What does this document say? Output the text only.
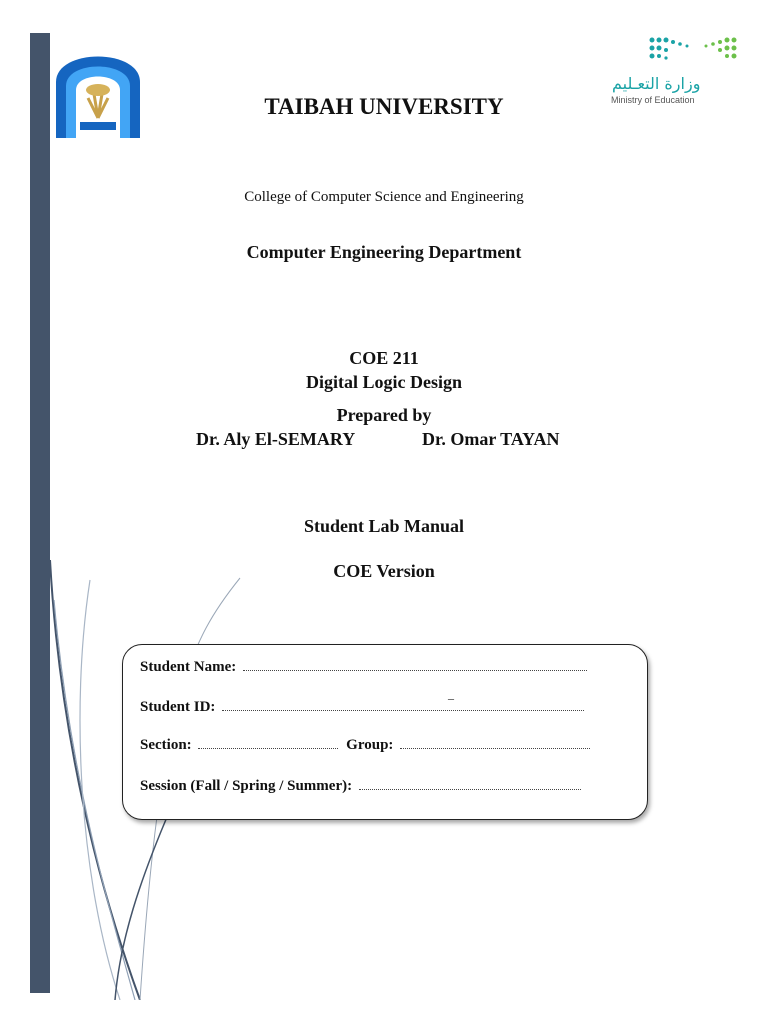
وزارة التعـليم
Ministry of Education
TAIBAH UNIVERSITY
College of Computer Science and Engineering
Computer Engineering Department
COE 211
Digital Logic Design
Prepared by
Dr. Aly El-SEMARY	Dr. Omar TAYAN
Student Lab Manual
COE Version
Student Name:
_
Student ID:
Section:	Group:
Session (Fall / Spring / Summer):
